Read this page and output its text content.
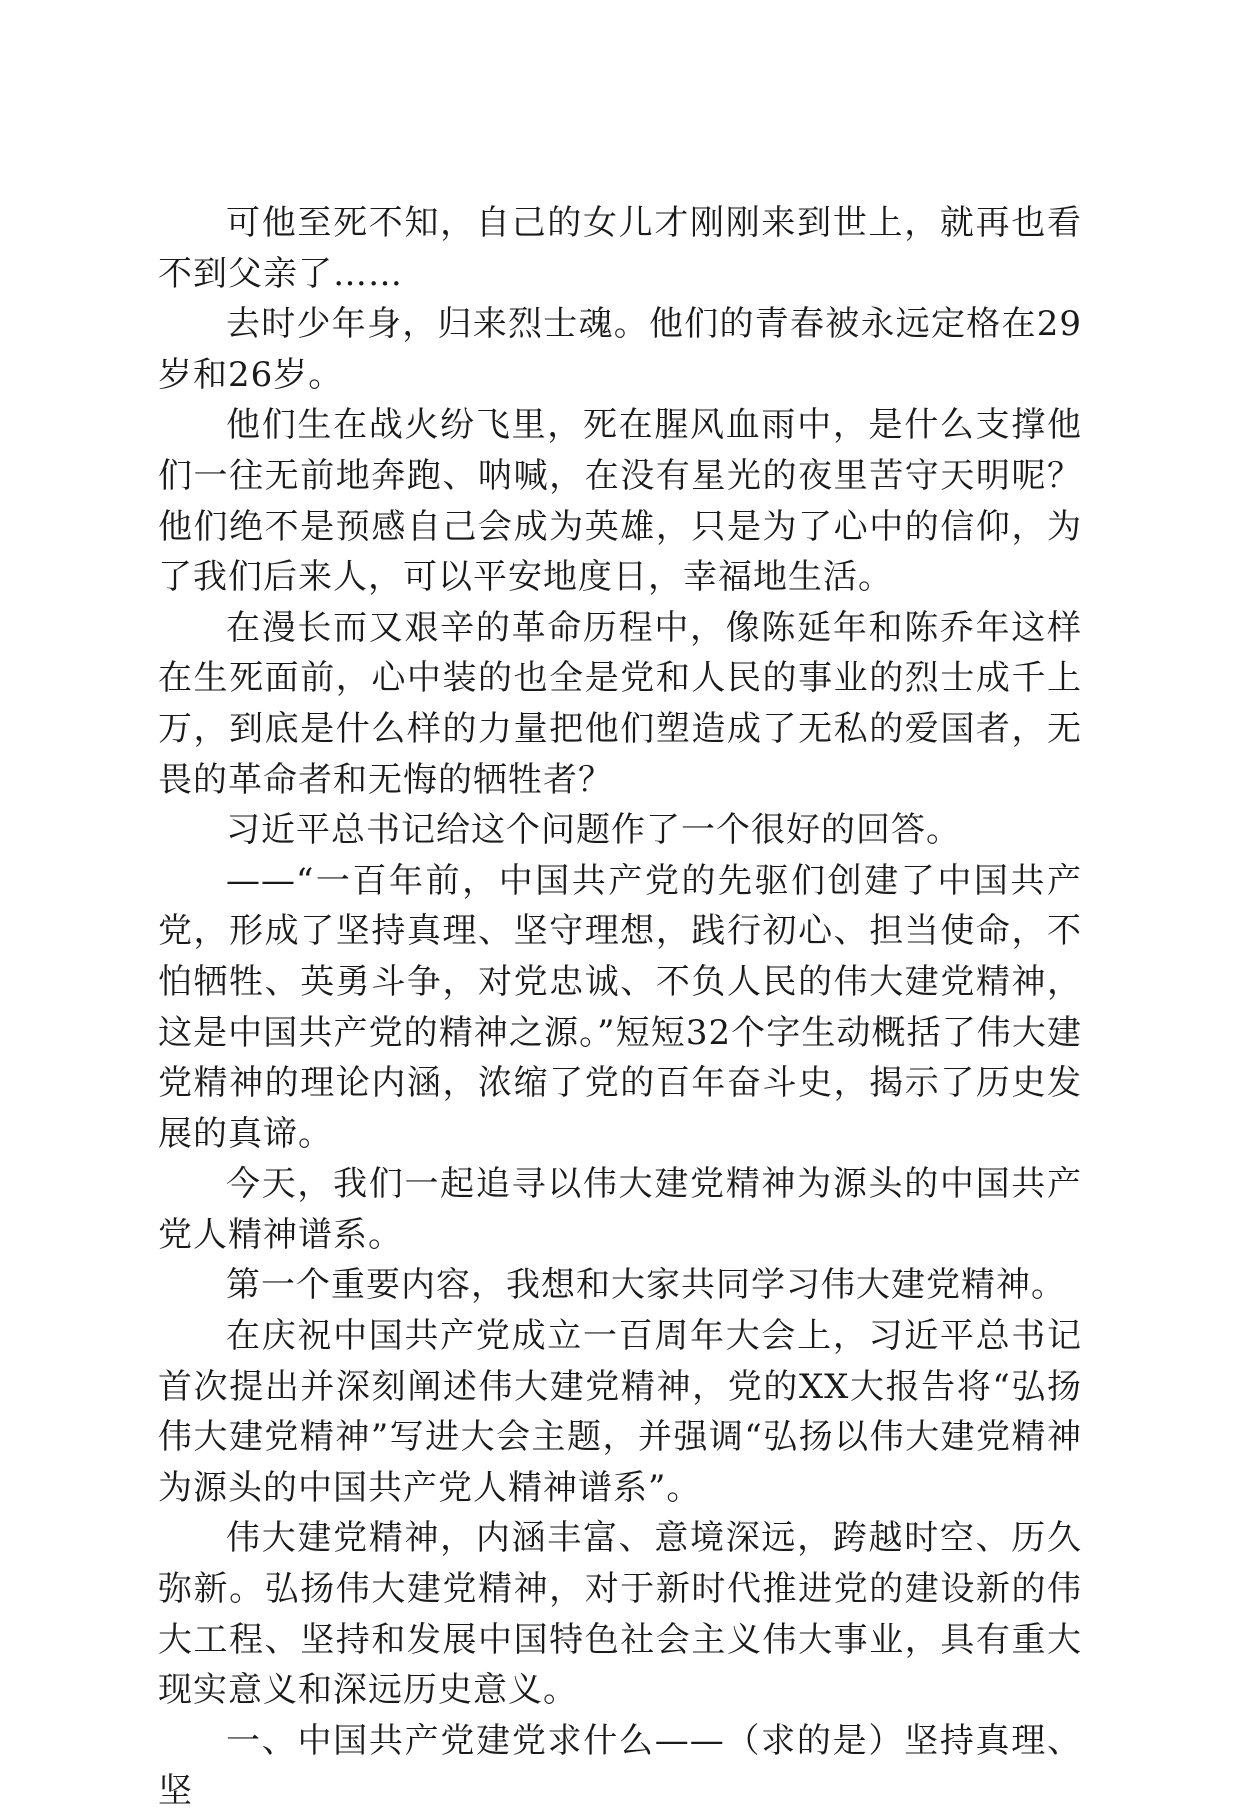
可他至死不知，自己的女儿才刚刚来到世上，就再也看不到父亲了……

去时少年身，归来烈士魂。他们的青春被永远定格在29岁和26岁。

他们生在战火纷飞里，死在腥风血雨中，是什么支撑他们一往无前地奔跑、呐喊，在没有星光的夜里苦守天明呢？他们绝不是预感自己会成为英雄，只是为了心中的信仰，为了我们后来人，可以平安地度日，幸福地生活。

在漫长而又艰辛的革命历程中，像陈延年和陈乔年这样在生死面前，心中装的也全是党和人民的事业的烈士成千上万，到底是什么样的力量把他们塑造成了无私的爱国者，无畏的革命者和无悔的牺牲者？

习近平总书记给这个问题作了一个很好的回答。

——“一百年前，中国共产党的先驱们创建了中国共产党，形成了坚持真理、坚守理想，践行初心、担当使命，不怕牺牲、英勇斗争，对党忠诚、不负人民的伟大建党精神，这是中国共产党的精神之源。”短短32个字生动概括了伟大建党精神的理论内涵，浓缩了党的百年奋斗史，揭示了历史发展的真谛。

今天，我们一起追寻以伟大建党精神为源头的中国共产党人精神谱系。

第一个重要内容，我想和大家共同学习伟大建党精神。

在庆祝中国共产党成立一百周年大会上，习近平总书记首次提出并深刻阐述伟大建党精神，党的XX大报告将“弘扬伟大建党精神”写进大会主题，并强调“弘扬以伟大建党精神为源头的中国共产党人精神谱系”。

伟大建党精神，内涵丰富、意境深远，跨越时空、历久弥新。弘扬伟大建党精神，对于新时代推进党的建设新的伟大工程、坚持和发展中国特色社会主义伟大事业，具有重大现实意义和深远历史意义。

一、中国共产党建党求什么——（求的是）坚持真理、坚
